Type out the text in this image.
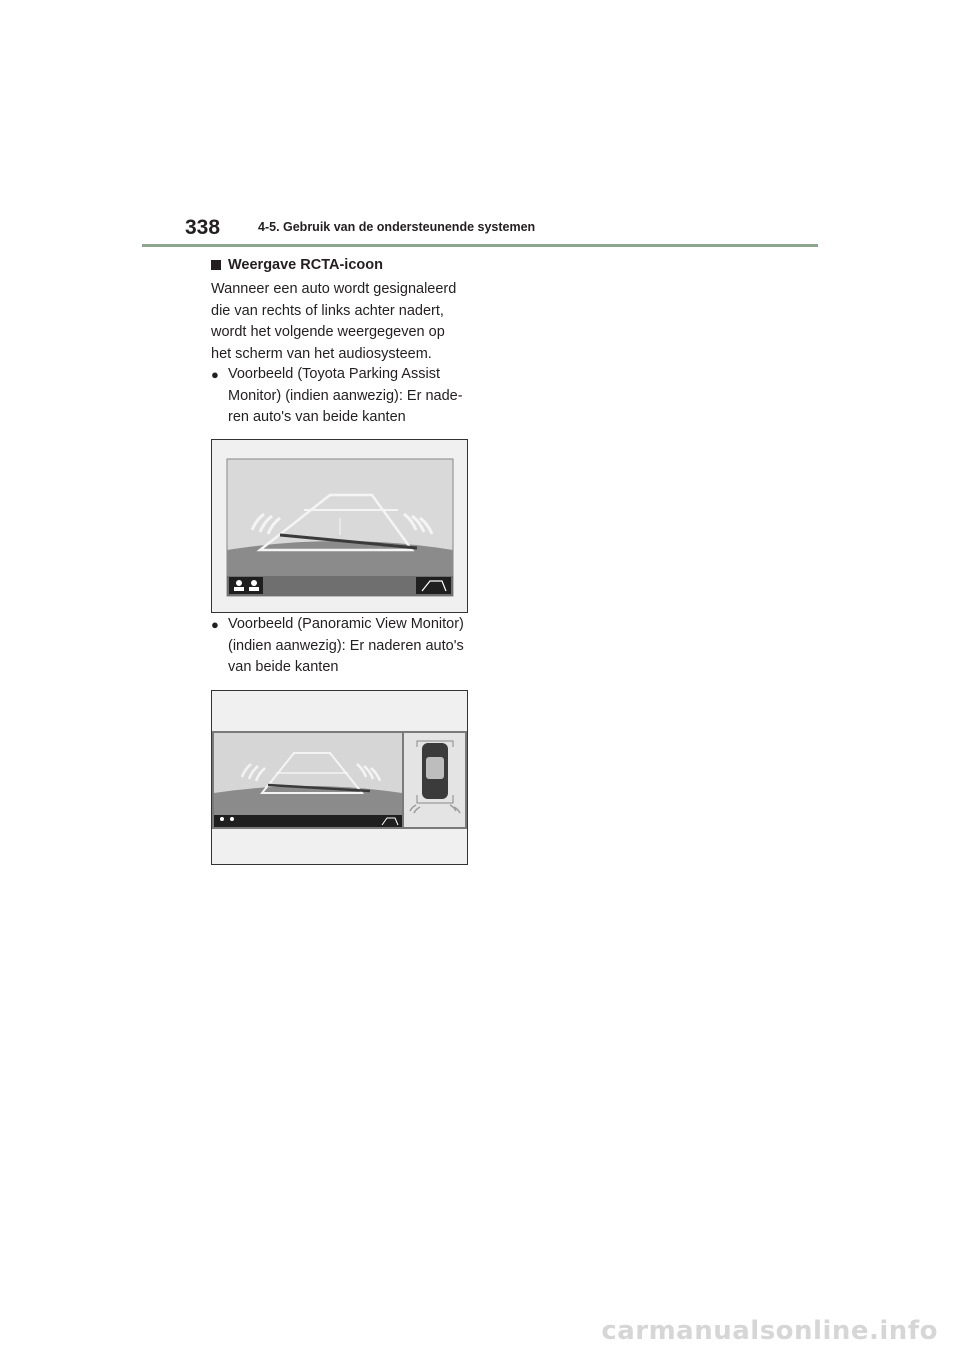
338	4-5. Gebruik van de ondersteunende systemen
Weergave RCTA-icoon

Wanneer een auto wordt gesignaleerd
die van rechts of links achter nadert,
wordt het volgende weergegeven op
het scherm van het audiosysteem.

● Voorbeeld (Toyota Parking Assist
Monitor) (indien aanwezig): Er nade-
ren auto's van beide kanten
● Voorbeeld (Panoramic View Monitor)
(indien aanwezig): Er naderen auto's
van beide kanten
carmanualsonline.info
